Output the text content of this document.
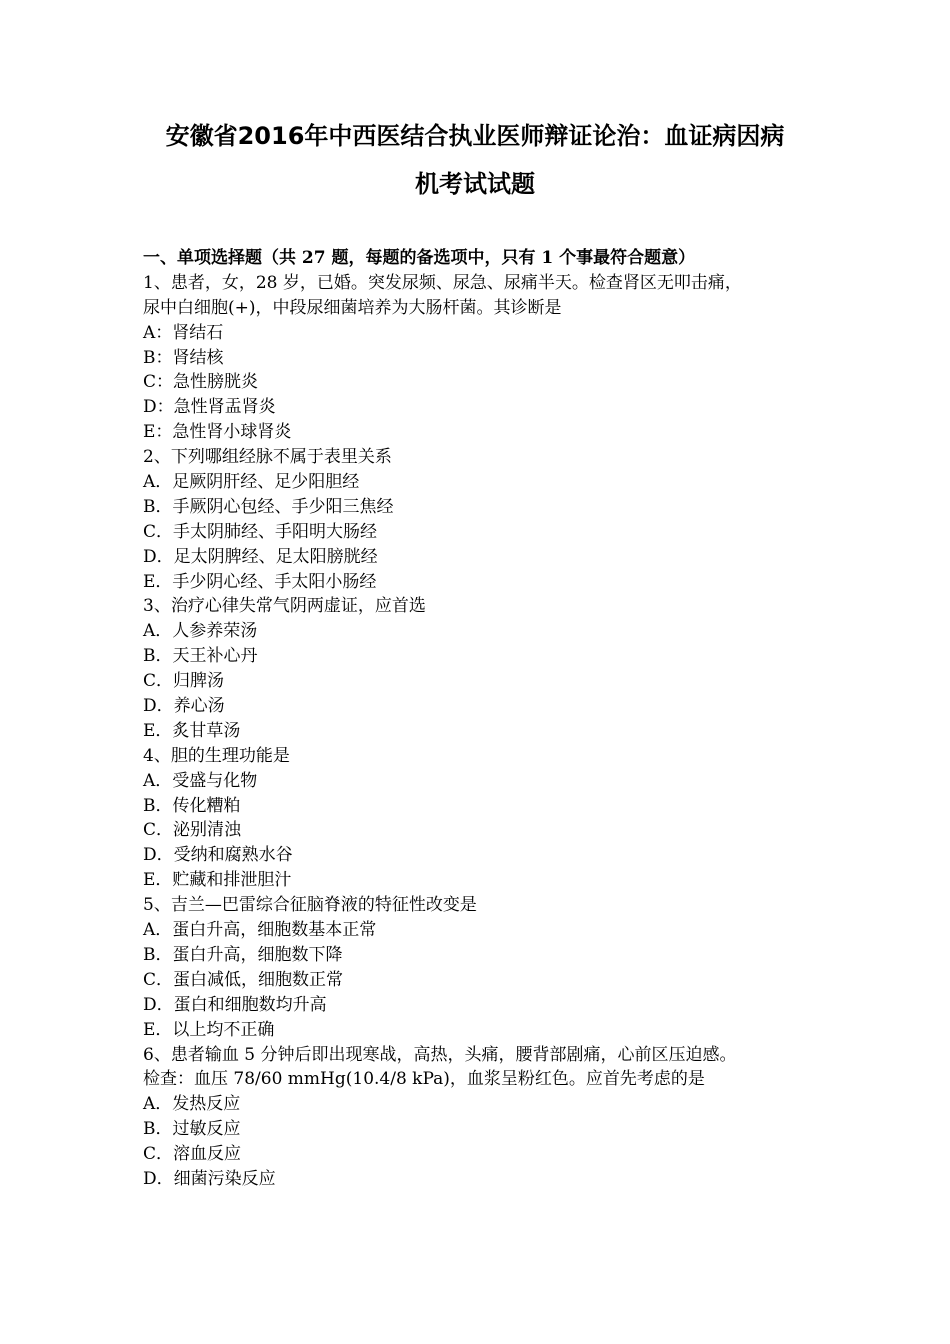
安徽省2016年中西医结合执业医师辩证论治：血证病因病
机考试试题
一、单项选择题（共 27 题，每题的备选项中，只有 1 个事最符合题意）
1、患者，女，28 岁，已婚。突发尿频、尿急、尿痛半天。检查肾区无叩击痛，
尿中白细胞(+)，中段尿细菌培养为大肠杆菌。其诊断是
A：肾结石
B：肾结核
C：急性膀胱炎
D：急性肾盂肾炎
E：急性肾小球肾炎
2、下列哪组经脉不属于表里关系
A．足厥阴肝经、足少阳胆经
B．手厥阴心包经、手少阳三焦经
C．手太阴肺经、手阳明大肠经
D．足太阴脾经、足太阳膀胱经
E．手少阴心经、手太阳小肠经
3、治疗心律失常气阴两虚证，应首选
A．人参养荣汤
B．天王补心丹
C．归脾汤
D．养心汤
E．炙甘草汤
4、胆的生理功能是
A．受盛与化物
B．传化糟粕
C．泌别清浊
D．受纳和腐熟水谷
E．贮藏和排泄胆汁
5、吉兰—巴雷综合征脑脊液的特征性改变是
A．蛋白升高，细胞数基本正常
B．蛋白升高，细胞数下降
C．蛋白减低，细胞数正常
D．蛋白和细胞数均升高
E．以上均不正确
6、患者输血 5 分钟后即出现寒战，高热，头痛，腰背部剧痛，心前区压迫感。
检查：血压 78/60 mmHg(10.4/8 kPa)，血浆呈粉红色。应首先考虑的是
A．发热反应
B．过敏反应
C．溶血反应
D．细菌污染反应
